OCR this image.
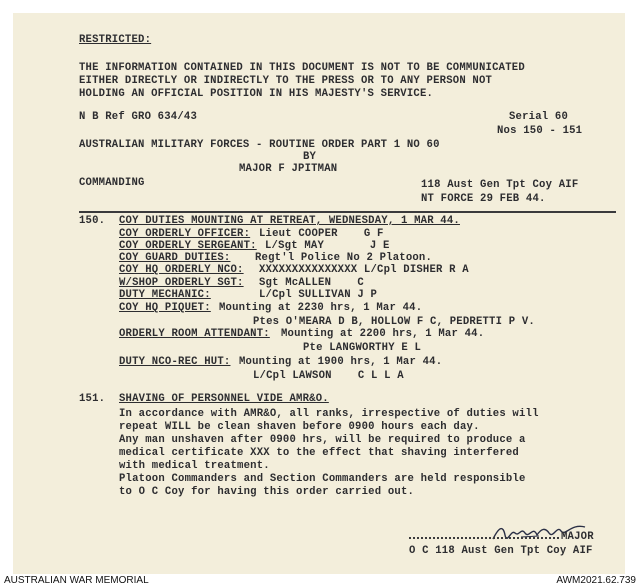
RESTRICTED:
THE INFORMATION CONTAINED IN THIS DOCUMENT IS NOT TO BE COMMUNICATED
EITHER DIRECTLY OR INDIRECTLY TO THE PRESS OR TO ANY PERSON NOT
HOLDING AN OFFICIAL POSITION IN HIS MAJESTY'S SERVICE.
N B Ref GRO 634/43	Serial 60
Nos 150 - 151
AUSTRALIAN MILITARY FORCES - ROUTINE ORDER PART 1 NO 60
BY
MAJOR F JPITMAN
COMMANDING	118 Aust Gen Tpt Coy AIF
NT FORCE 29 FEB 44.
150. COY DUTIES MOUNTING AT RETREAT, WEDNESDAY, 1 MAR 44.
COY ORDERLY OFFICER: Lieut COOPER    G F
COY ORDERLY SERGEANT: L/Sgt MAY       J E
COY GUARD DUTIES: Regt'l Police No 2 Platoon.
COY HQ ORDERLY NCO: XXXXXXXXXXXXXXX L/Cpl DISHER R A
W/SHOP ORDERLY SGT: Sgt McALLEN    C
DUTY MECHANIC:	L/Cpl SULLIVAN J P
COY HQ PIQUET: Mounting at 2230 hrs, 1 Mar 44.
Ptes O'MEARA D B, HOLLOW F C, PEDRETTI P V.
ORDERLY ROOM ATTENDANT: Mounting at 2200 hrs, 1 Mar 44.
Pte LANGWORTHY E L
DUTY NCO-REC HUT: Mounting at 1900 hrs, 1 Mar 44.
L/Cpl LAWSON    C L L A
151. SHAVING OF PERSONNEL VIDE AMR&O.
In accordance with AMR&O, all ranks, irrespective of duties will
repeat WILL be clean shaven before 0900 hours each day.
Any man unshaven after 0900 hrs, will be required to produce a
medical certificate XXX to the effect that shaving interfered
with medical treatment.
Platoon Commanders and Section Commanders are held responsible
to O C Coy for having this order carried out.
MAJOR
O C 118 Aust Gen Tpt Coy AIF
AUSTRALIAN WAR MEMORIAL	AWM2021.62.739
